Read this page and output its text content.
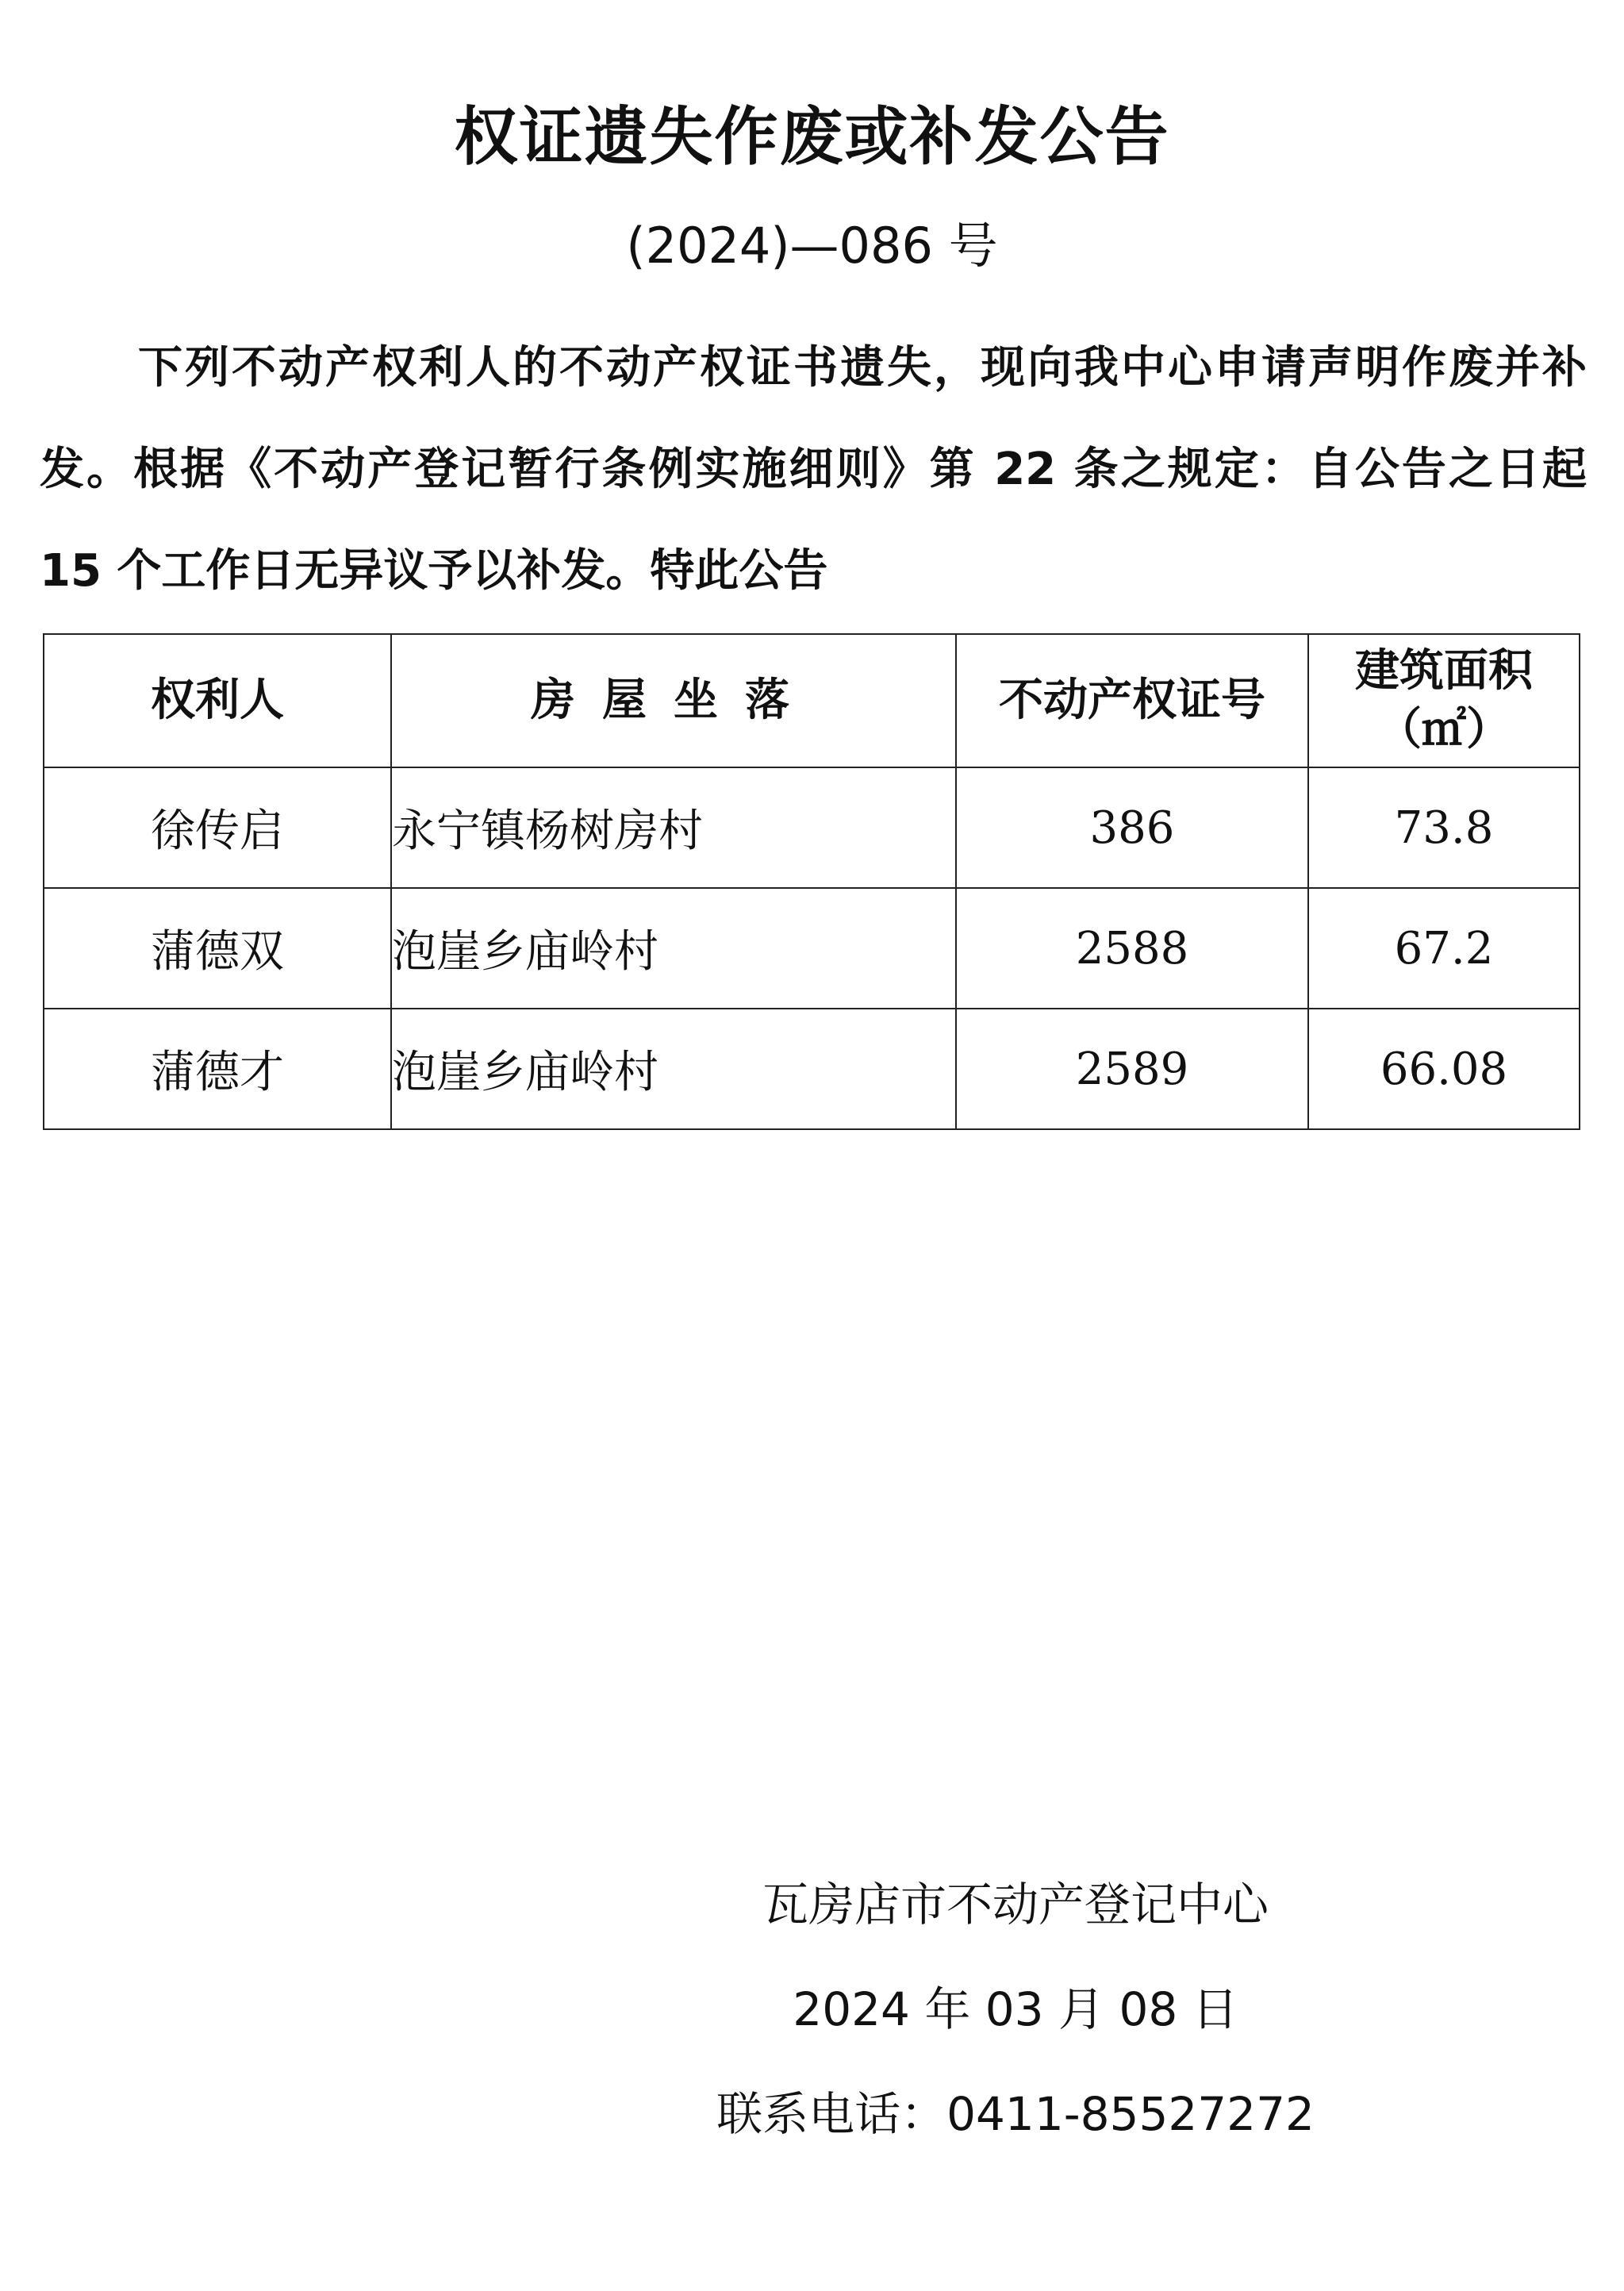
权证遗失作废或补发公告
(2024)—086 号

下列不动产权利人的不动产权证书遗失，现向我中心申请声明作废并补发。根据《不动产登记暂行条例实施细则》第 22 条之规定：自公告之日起 15 个工作日无异议予以补发。特此公告

权利人	房屋坐落	不动产权证号	建筑面积
（㎡）

徐传启	永宁镇杨树房村	386	73.8
蒲德双	泡崖乡庙岭村	2588	67.2
蒲德才	泡崖乡庙岭村	2589	66.08
瓦房店市不动产登记中心
2024 年 03 月 08 日
联系电话：0411-85527272
